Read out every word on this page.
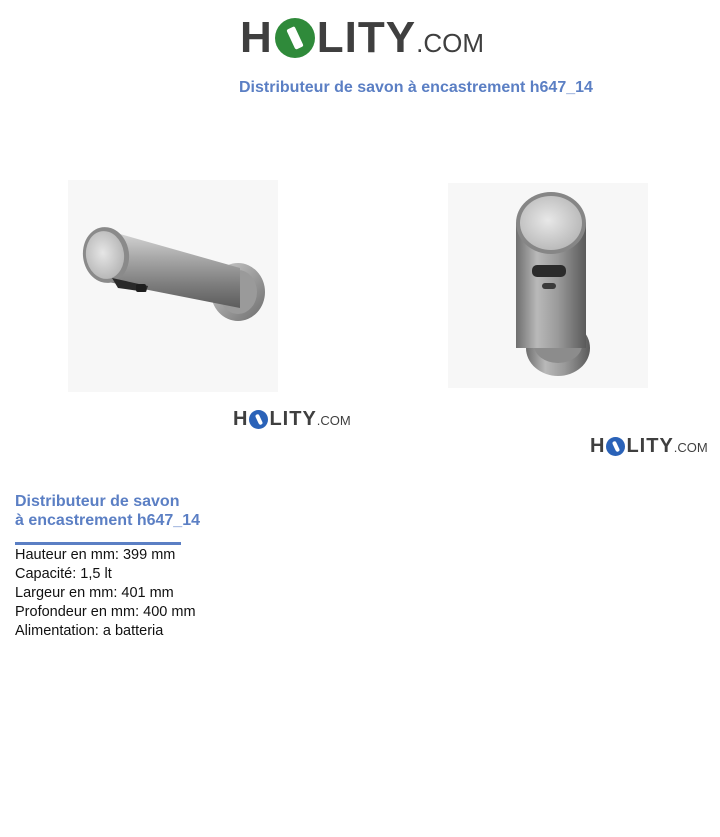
H LITY .COM
Distributeur de savon à encastrement h647_14
H LITY .COM
H LITY .COM
Distributeur de savon
à encastrement h647_14
Hauteur en mm: 399 mm
Capacité: 1,5 lt
Largeur en mm: 401 mm
Profondeur en mm: 400 mm
Alimentation: a batteria
